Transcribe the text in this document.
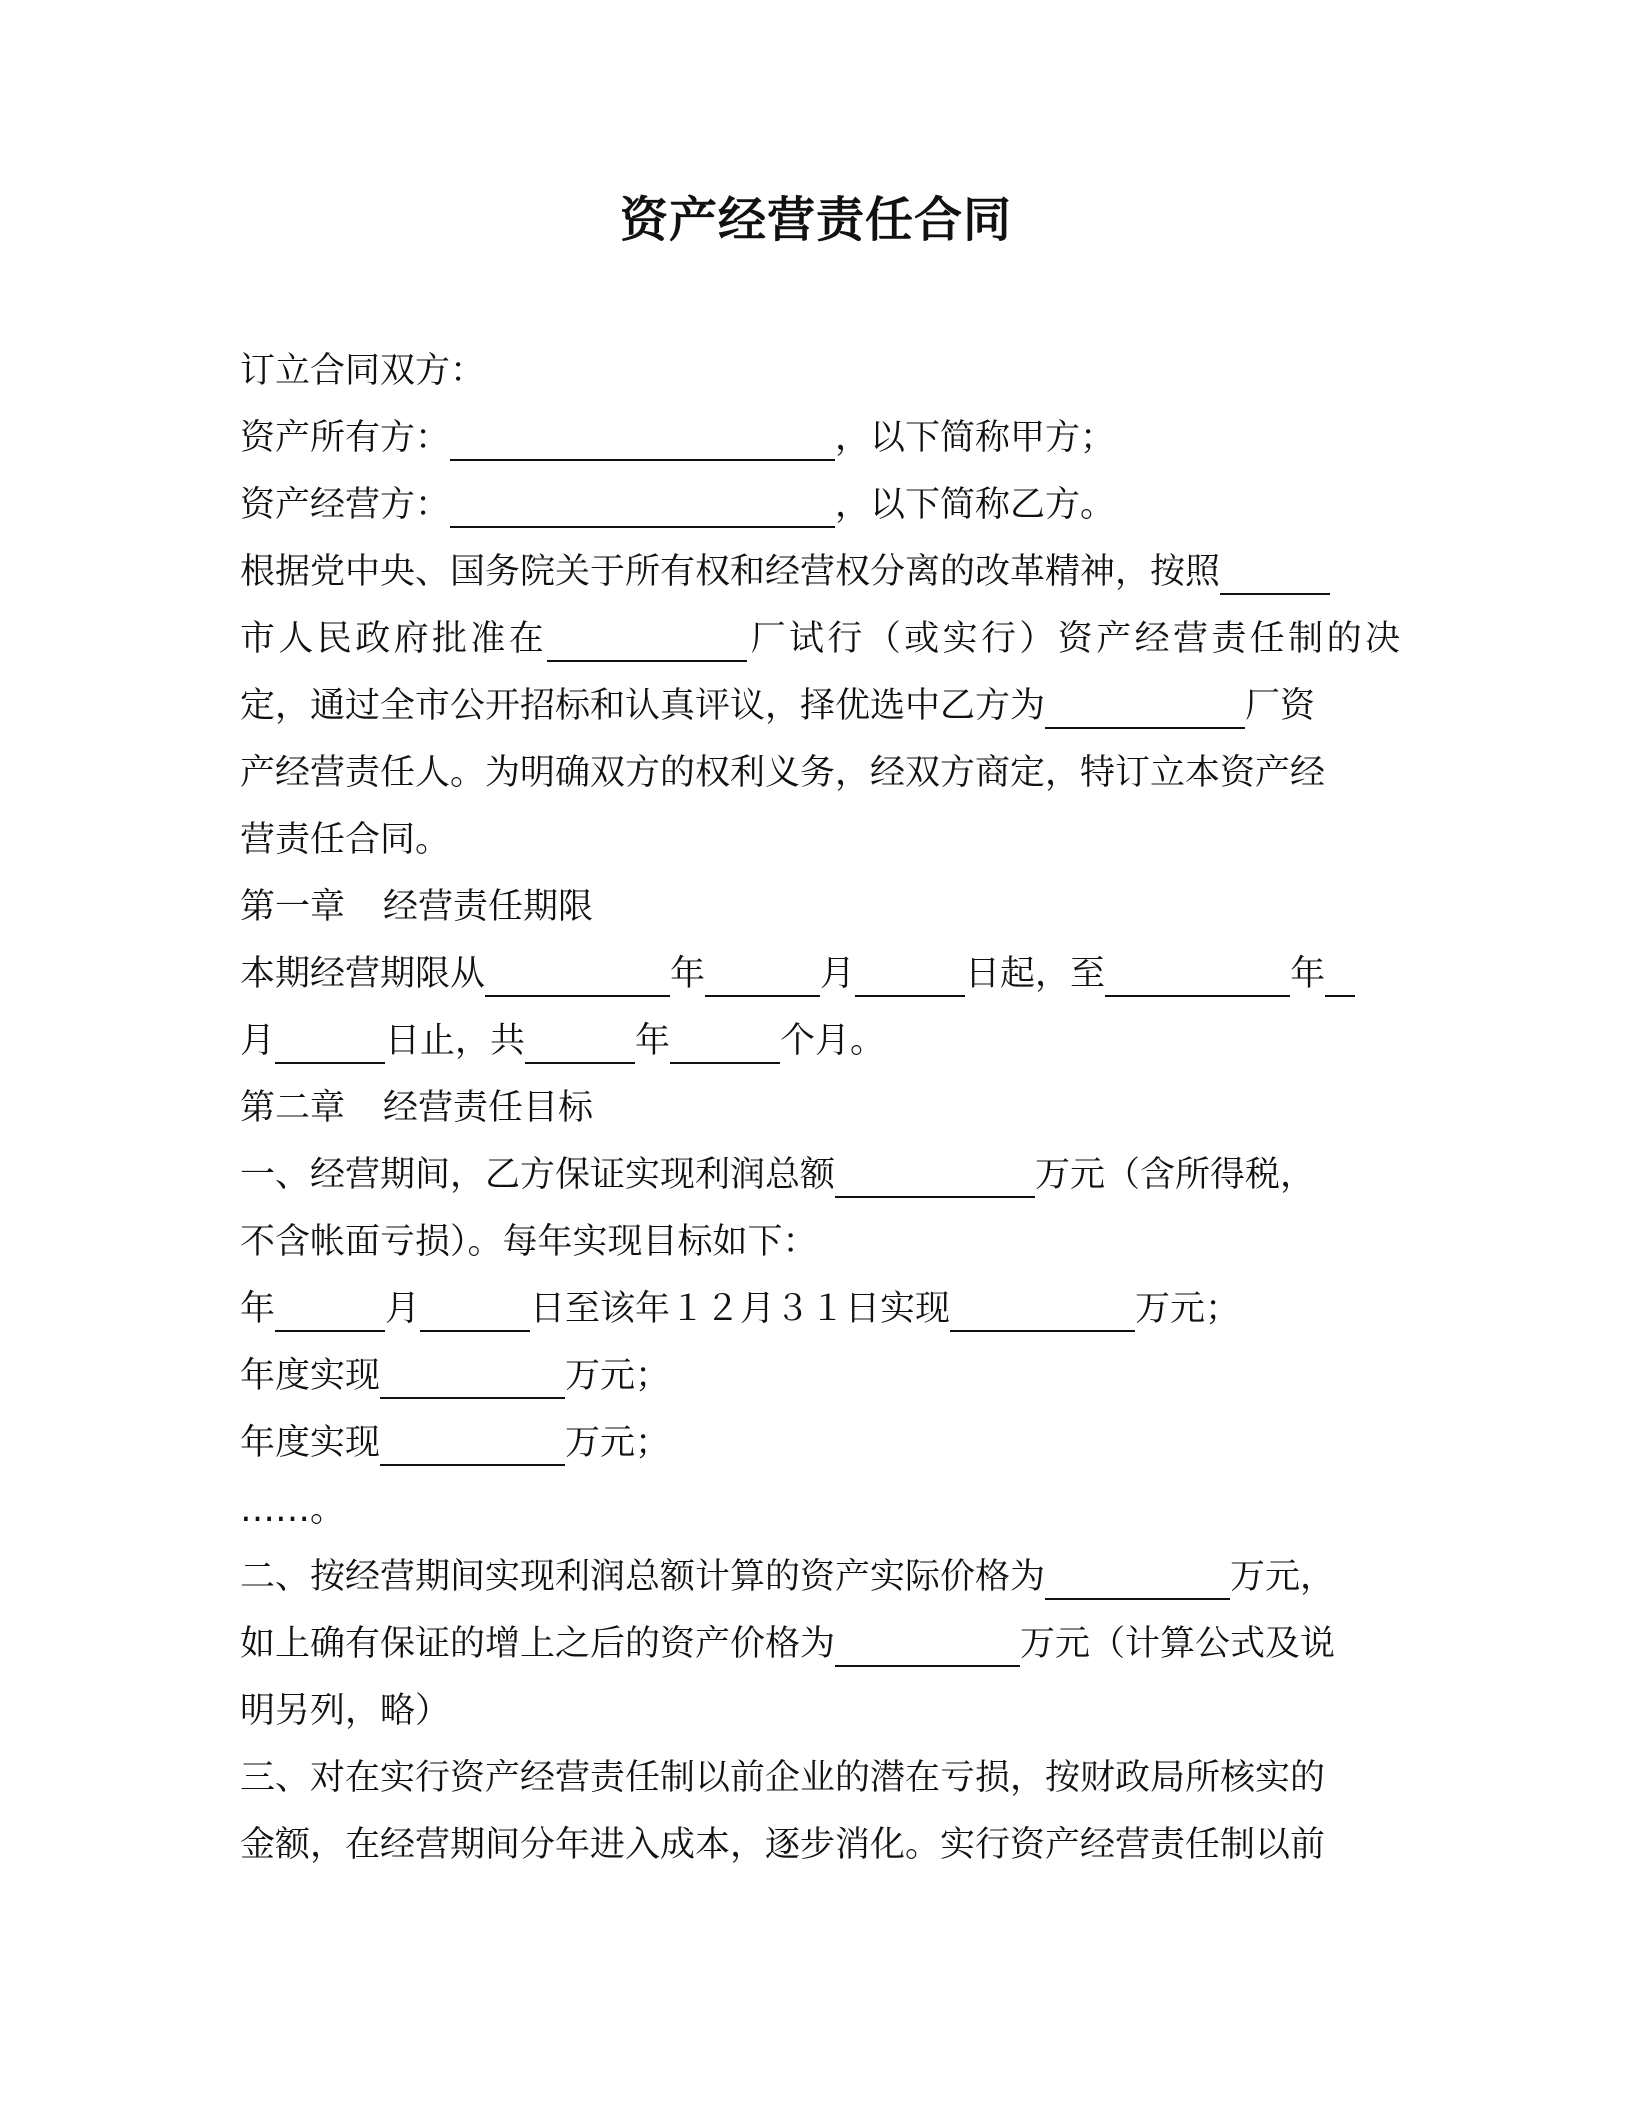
资产经营责任合同
订立合同双方：
资产所有方：	，以下简称甲方；
资产经营方：	，以下简称乙方。
根据党中央、国务院关于所有权和经营权分离的改革精神，按照
市人民政府批准在	厂试行（或实行）资产经营责任制的决
定，通过全市公开招标和认真评议，择优选中乙方为	厂资
产经营责任人。为明确双方的权利义务，经双方商定，特订立本资产经
营责任合同。
第一章 经营责任期限
本期经营期限从	年	月	日起，至	年
月	日止，共	年	个月。
第二章 经营责任目标
一、经营期间，乙方保证实现利润总额	万元（含所得税，
不含帐面亏损）。每年实现目标如下：
年	月	日至该年１２月３１日实现	万元；
年度实现	万元；
年度实现	万元；
……。
二、按经营期间实现利润总额计算的资产实际价格为	万元，
如上确有保证的增上之后的资产价格为	万元（计算公式及说
明另列，略）
三、对在实行资产经营责任制以前企业的潜在亏损，按财政局所核实的
金额，在经营期间分年进入成本，逐步消化。实行资产经营责任制以前
